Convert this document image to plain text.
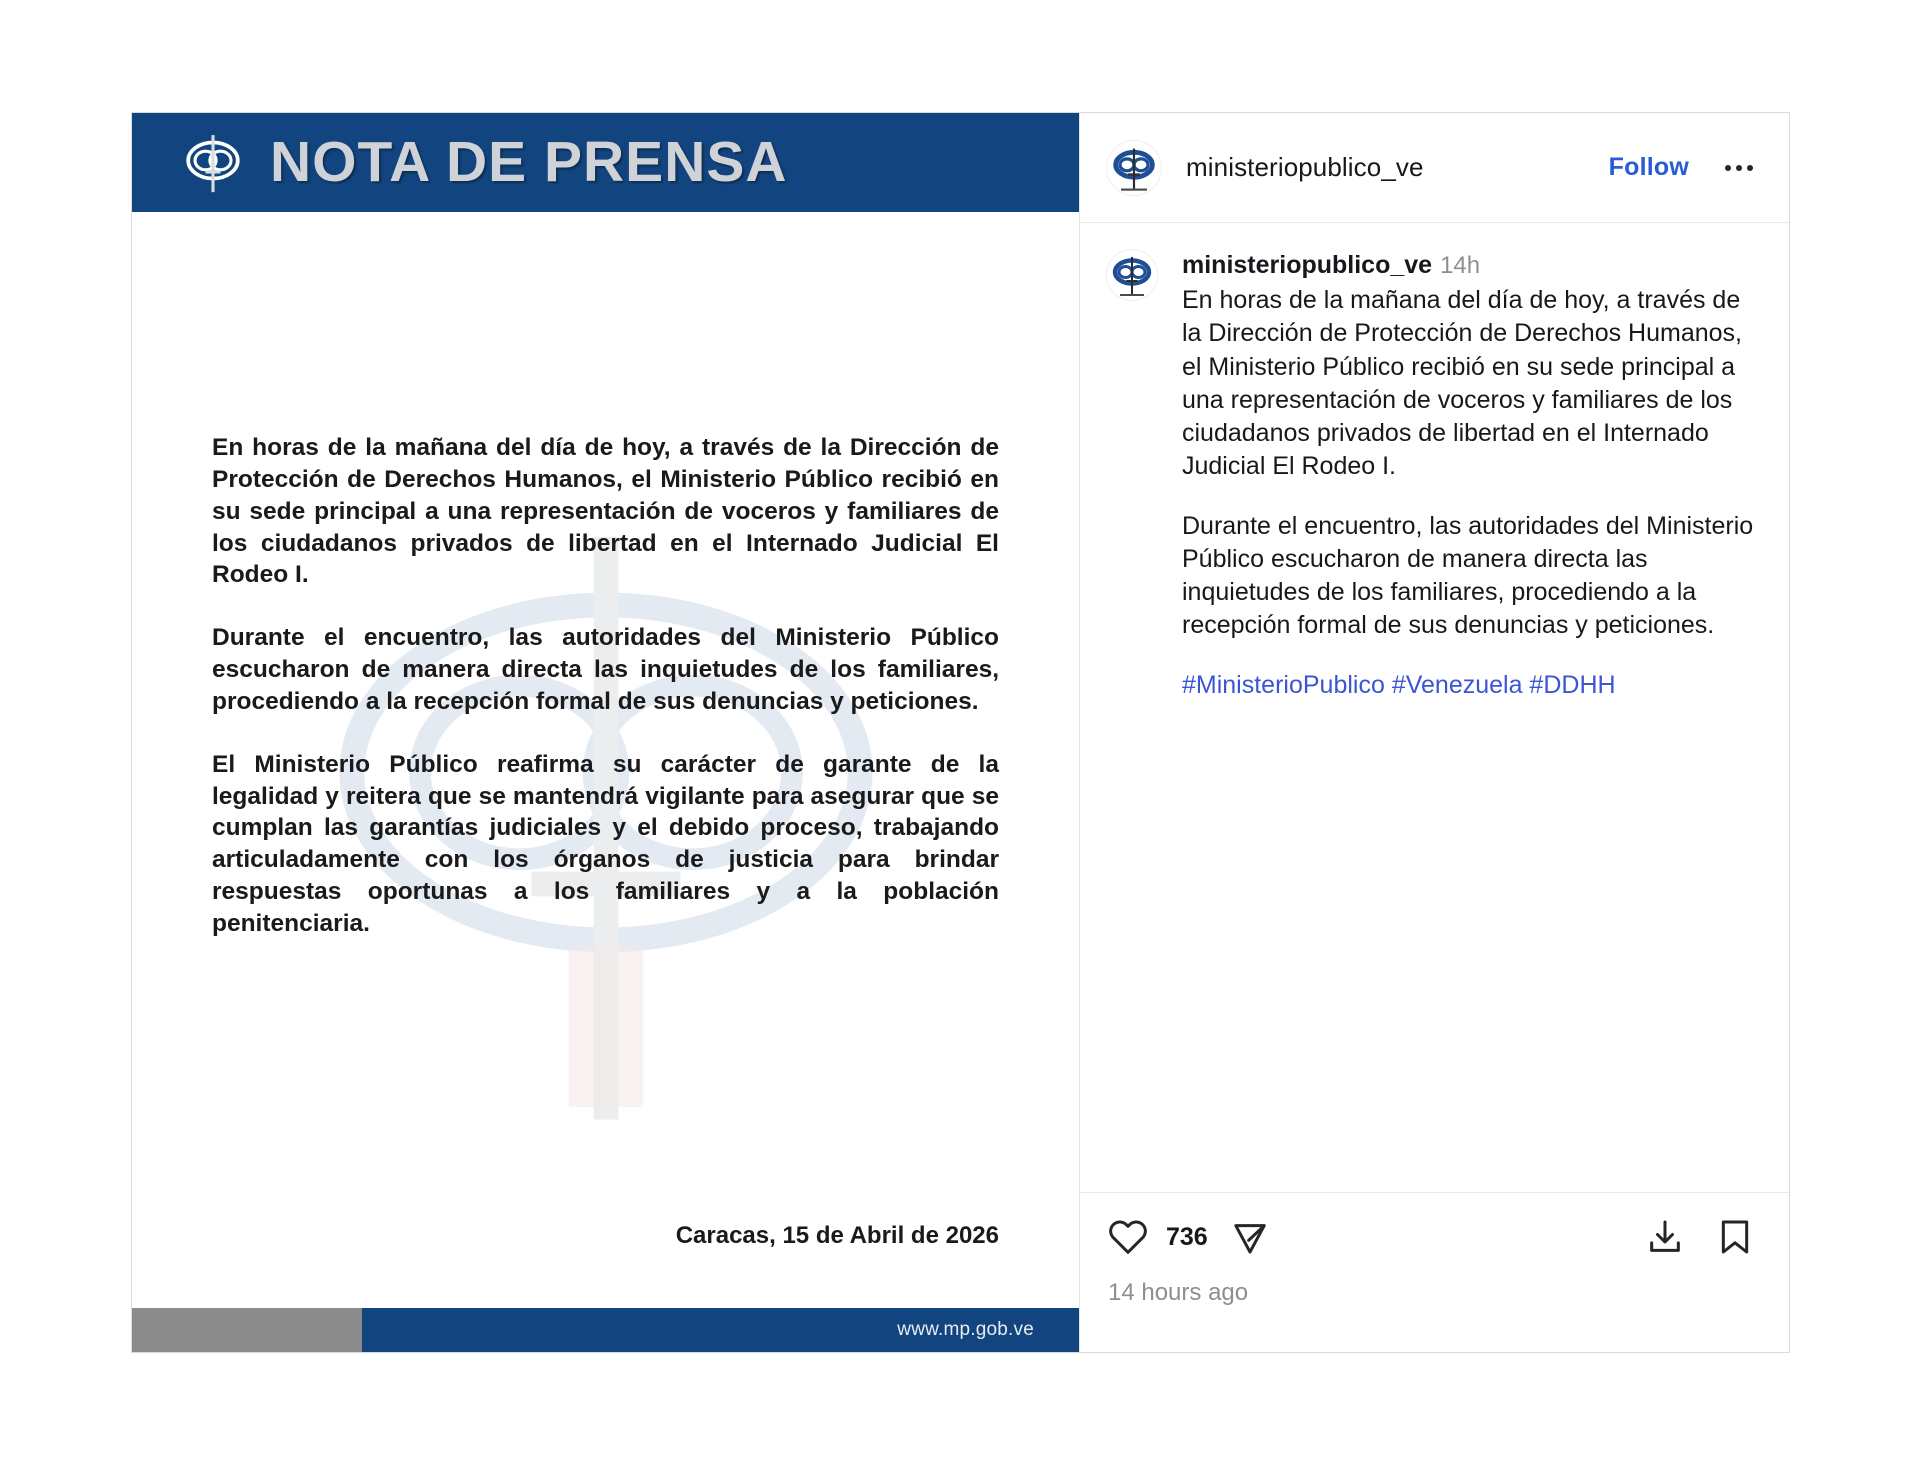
NOTA DE PRENSA

En horas de la mañana del día de hoy, a través de la Dirección de Protección de Derechos Humanos, el Ministerio Público recibió en su sede principal a una representación de voceros y familiares de los ciudadanos privados de libertad en el Internado Judicial El Rodeo I.

Durante el encuentro, las autoridades del Ministerio Público escucharon de manera directa las inquietudes de los familiares, procediendo a la recepción formal de sus denuncias y peticiones.

El Ministerio Público reafirma su carácter de garante de la legalidad y reitera que se mantendrá vigilante para asegurar que se cumplan las garantías judiciales y el debido proceso, trabajando articuladamente con los órganos de justicia para brindar respuestas oportunas a los familiares y a la población penitenciaria.

Caracas, 15 de Abril de 2026
www.mp.gob.ve
ministeriopublico_ve	Follow
ministeriopublico_ve 14h

En horas de la mañana del día de hoy, a través de la Dirección de Protección de Derechos Humanos, el Ministerio Público recibió en su sede principal a una representación de voceros y familiares de los ciudadanos privados de libertad en el Internado Judicial El Rodeo I.

Durante el encuentro, las autoridades del Ministerio Público escucharon de manera directa las inquietudes de los familiares, procediendo a la recepción formal de sus denuncias y peticiones.

#MinisterioPublico #Venezuela #DDHH
736
14 hours ago
